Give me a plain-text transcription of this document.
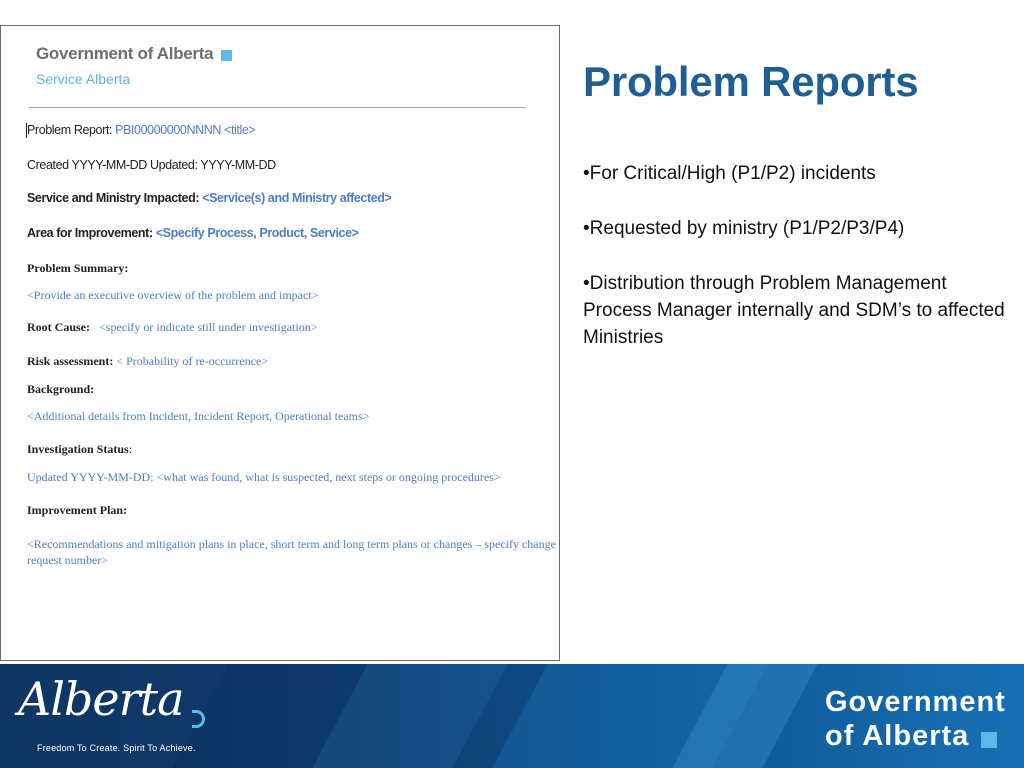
Government of Alberta
Service Alberta
Problem Report: PBI00000000NNNN <title>
Created YYYY-MM-DD Updated: YYYY-MM-DD
Service and Ministry Impacted: <Service(s) and Ministry affected>
Area for Improvement: <Specify Process, Product, Service>
Problem Summary:
<Provide an executive overview of the problem and impact>
Root Cause: <specify or indicate still under investigation>
Risk assessment: < Probability of re-occurrence>
Background:
<Additional details from Incident, Incident Report, Operational teams>
Investigation Status:
Updated YYYY-MM-DD: <what was found, what is suspected, next steps or ongoing procedures>
Improvement Plan:
<Recommendations and mitigation plans in place, short term and long term plans or changes – specify change
request number>
Problem Reports
•For Critical/High (P1/P2) incidents
•Requested by ministry (P1/P2/P3/P4)
•Distribution through Problem Management Process Manager internally and SDM’s to affected Ministries
Alberta
Freedom To Create. Spirit To Achieve.
Government
of Alberta
